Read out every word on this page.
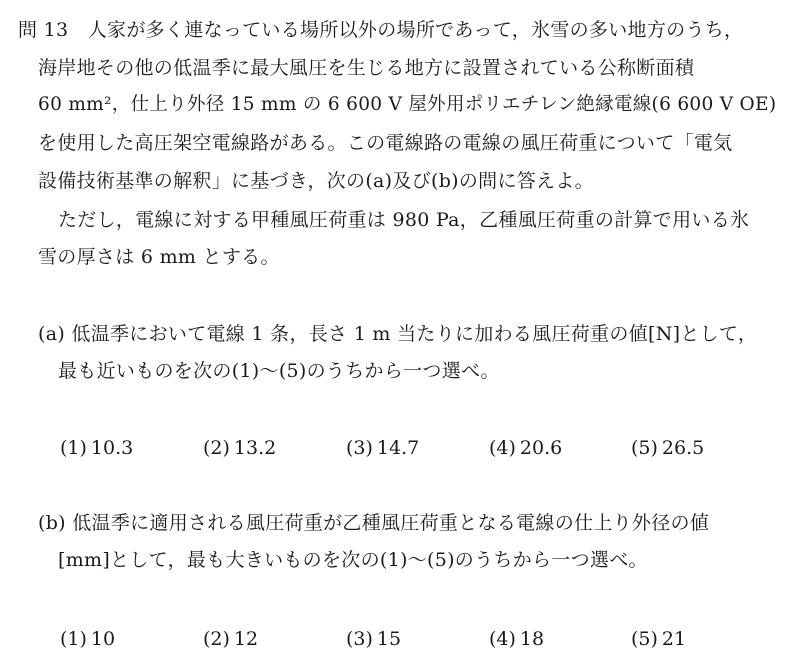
問 13　人家が多く連なっている場所以外の場所であって，氷雪の多い地方のうち，
海岸地その他の低温季に最大風圧を生じる地方に設置されている公称断面積
60 mm²，仕上り外径 15 mm の 6 600 V 屋外用ポリエチレン絶縁電線(6 600 V OE)
を使用した高圧架空電線路がある。この電線路の電線の風圧荷重について「電気
設備技術基準の解釈」に基づき，次の(a)及び(b)の問に答えよ。
ただし，電線に対する甲種風圧荷重は 980 Pa，乙種風圧荷重の計算で用いる氷
雪の厚さは 6 mm とする。
(a) 低温季において電線 1 条，長さ 1 m 当たりに加わる風圧荷重の値[N]として，
最も近いものを次の(1)～(5)のうちから一つ選べ。
(1) 10.3	(2) 13.2	(3) 14.7	(4) 20.6	(5) 26.5
(b) 低温季に適用される風圧荷重が乙種風圧荷重となる電線の仕上り外径の値
[mm]として，最も大きいものを次の(1)～(5)のうちから一つ選べ。
(1) 10	(2) 12	(3) 15	(4) 18	(5) 21
